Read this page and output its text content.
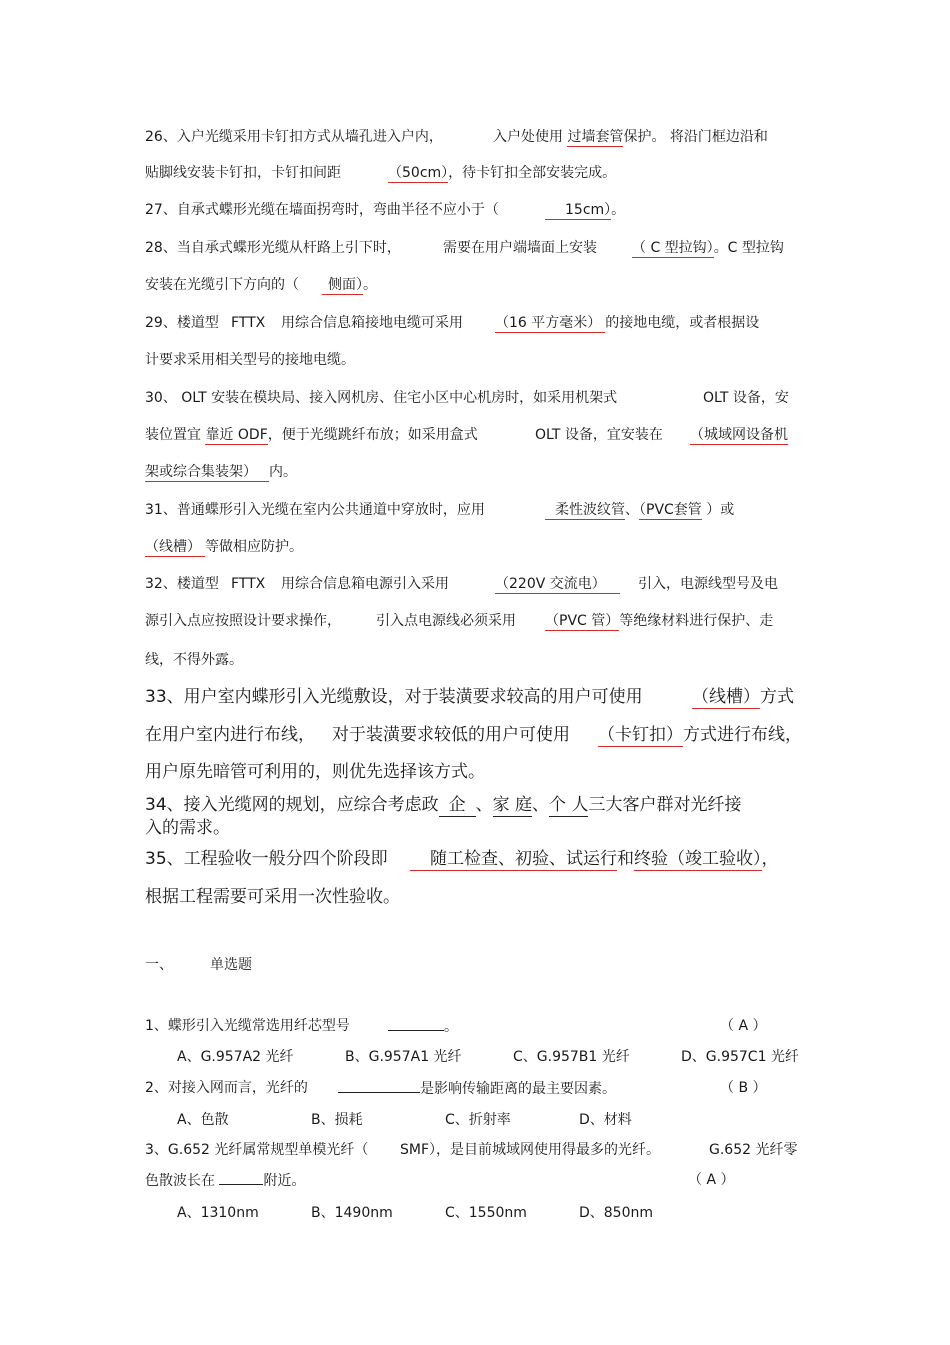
26、入户光缆采用卡钉扣方式从墙孔进入户内，	入户处使用 过墙套管保护。 将沿门框边沿和
贴脚线安装卡钉扣，卡钉扣间距	（50cm），待卡钉扣全部安装完成。
27、自承式蝶形光缆在墙面拐弯时，弯曲半径不应小于（	15cm）。
28、当自承式蝶形光缆从杆路上引下时，	需要在用户端墙面上安装	（ C 型拉钩）。C 型拉钩
安装在光缆引下方向的（	侧面）。
29、楼道型 FTTX 用综合信息箱接地电缆可采用 （16 平方毫米） 的接地电缆，或者根据设
计要求采用相关型号的接地电缆。
30、 OLT 安装在模块局、接入网机房、住宅小区中心机房时，如采用机架式	OLT 设备，安
装位置宜 靠近 ODF，便于光缆跳纤布放；如采用盒式	OLT 设备，宜安装在 （城域网设备机
架或综合集装架） 内。
31、普通蝶形引入光缆在室内公共通道中穿放时，应用	柔性波纹管、（PVC套管 ）或
（线槽） 等做相应防护。
32、楼道型 FTTX 用综合信息箱电源引入采用	（220V 交流电）	引入，电源线型号及电
源引入点应按照设计要求操作，	引入点电源线必须采用 （PVC 管）等绝缘材料进行保护、走
线，不得外露。
33、用户室内蝶形引入光缆敷设，对于装潢要求较高的用户可使用	（线槽）方式
在用户室内进行布线， 对于装潢要求较低的用户可使用 （卡钉扣）方式进行布线，
用户原先暗管可利用的，则优先选择该方式。
34、接入光缆网的规划，应综合考虑政 企 、家 庭、个 人三大客户群对光纤接
入的需求。
35、工程验收一般分四个阶段即	随工检查、初验、试运行和终验（竣工验收），
根据工程需要可采用一次性验收。
一、	单选题
1、蝶形引入光缆常选用纤芯型号	。	（ A ）
A、G.957A2 光纤	B、G.957A1 光纤	C、G.957B1 光纤	D、G.957C1 光纤
2、对接入网而言，光纤的	是影响传输距离的最主要因素。	（ B ）
A、色散	B、损耗	C、折射率	D、材料
3、G.652 光纤属常规型单模光纤（ SMF），是目前城域网使用得最多的光纤。	G.652 光纤零
色散波长在	附近。	（ A ）
A、1310nm	B、1490nm	C、1550nm	D、850nm
